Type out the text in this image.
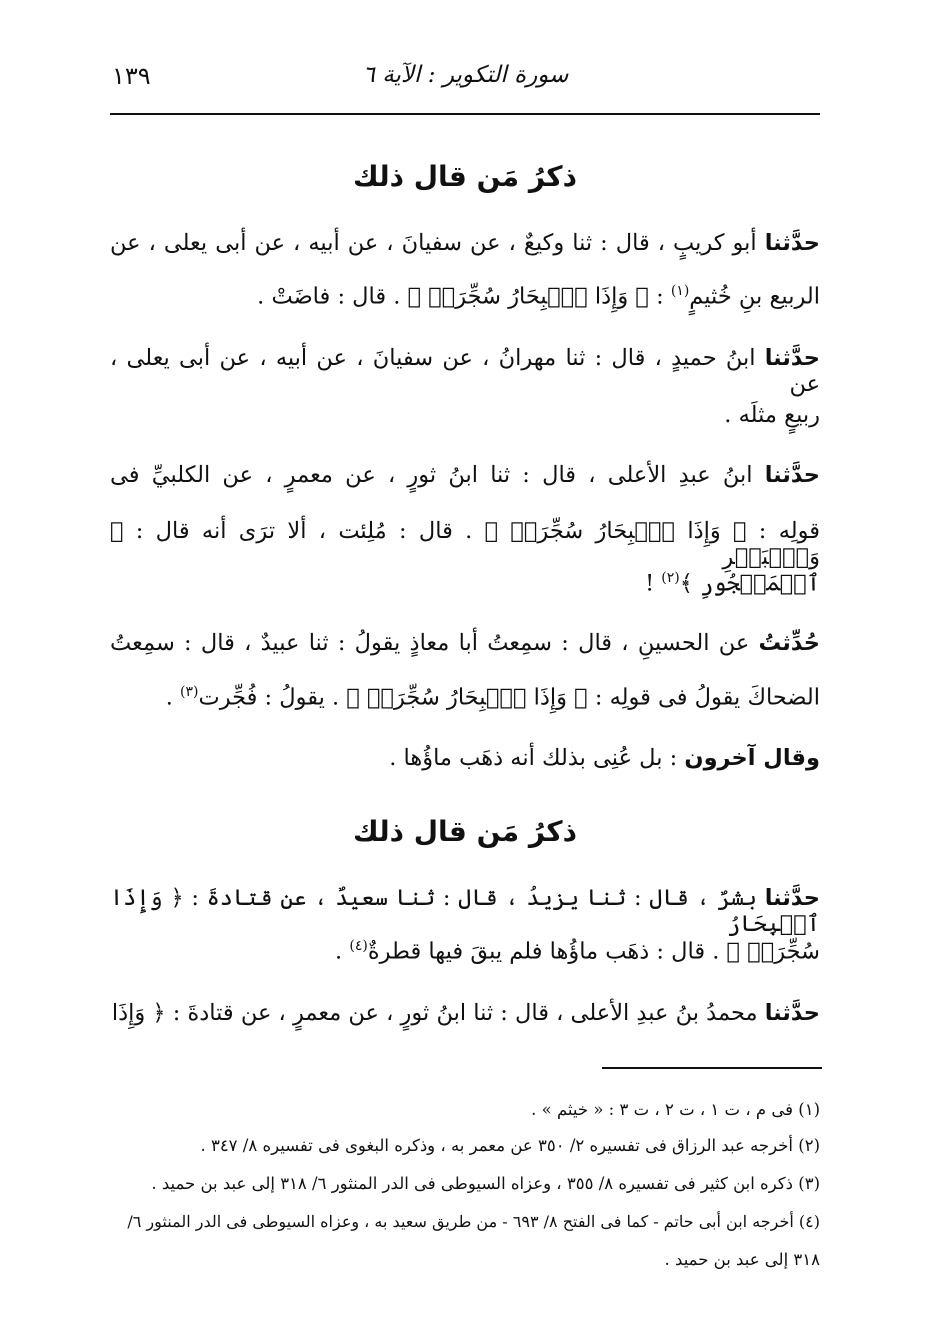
سورة التكوير : الآية ٦
١٣٩
ذكرُ مَن قال ذلك
حدَّثنا أبو كريبٍ ، قال : ثنا وكيعٌ ، عن سفيانَ ، عن أبيه ، عن أبى يعلى ، عن
الربيع بنِ خُثيمٍ$^{(١)}$ : ﴿ وَإِذَا ٱلۡبِحَارُ سُجِّرَتۡ ﴾ . قال : فاضَتْ .
حدَّثنا ابنُ حميدٍ ، قال : ثنا مهرانُ ، عن سفيانَ ، عن أبيه ، عن أبى يعلى ، عن
ربيعٍ مثلَه .
حدَّثنا ابنُ عبدِ الأعلى ، قال : ثنا ابنُ ثورٍ ، عن معمرٍ ، عن الكلبيِّ فى
قولِه : ﴿ وَإِذَا ٱلۡبِحَارُ سُجِّرَتۡ ﴾ . قال : مُلِئت ، ألا ترَى أنه قال : ﴿ وَٱلۡبَحۡرِ
ٱلۡمَسۡجُورِ ﴾$^{(٢)}$ !
حُدِّثتُ عن الحسينِ ، قال : سمِعتُ أبا معاذٍ يقولُ : ثنا عبيدٌ ، قال : سمِعتُ
الضحاكَ يقولُ فى قولِه : ﴿ وَإِذَا ٱلۡبِحَارُ سُجِّرَتۡ ﴾ . يقولُ : فُجِّرت$^{(٣)}$ .
وقال آخرون : بل عُنِى بذلك أنه ذهَب ماؤُها .
ذكرُ مَن قال ذلك
حدَّثنا بشرٌ ، قال : ثنا يزيدُ ، قال : ثنا سعيدٌ ، عن قتادةَ : ﴿ وَإِذَا ٱلۡبِحَارُ
سُجِّرَتۡ ﴾ . قال : ذهَب ماؤُها فلم يبقَ فيها قطرةٌ$^{(٤)}$ .
حدَّثنا محمدُ بنُ عبدِ الأعلى ، قال : ثنا ابنُ ثورٍ ، عن معمرٍ ، عن قتادةَ : ﴿ وَإِذَا
(١) فى م ، ت ١ ، ت ٢ ، ت ٣ : « خيثم » .
(٢) أخرجه عبد الرزاق فى تفسيره ٢/ ٣٥٠ عن معمر به ، وذكره البغوى فى تفسيره ٨/ ٣٤٧ .
(٣) ذكره ابن كثير فى تفسيره ٨/ ٣٥٥ ، وعزاه السيوطى فى الدر المنثور ٦/ ٣١٨ إلى عبد بن حميد .
(٤) أخرجه ابن أبى حاتم - كما فى الفتح ٨/ ٦٩٣ - من طريق سعيد به ، وعزاه السيوطى فى الدر المنثور ٦/
٣١٨ إلى عبد بن حميد .
